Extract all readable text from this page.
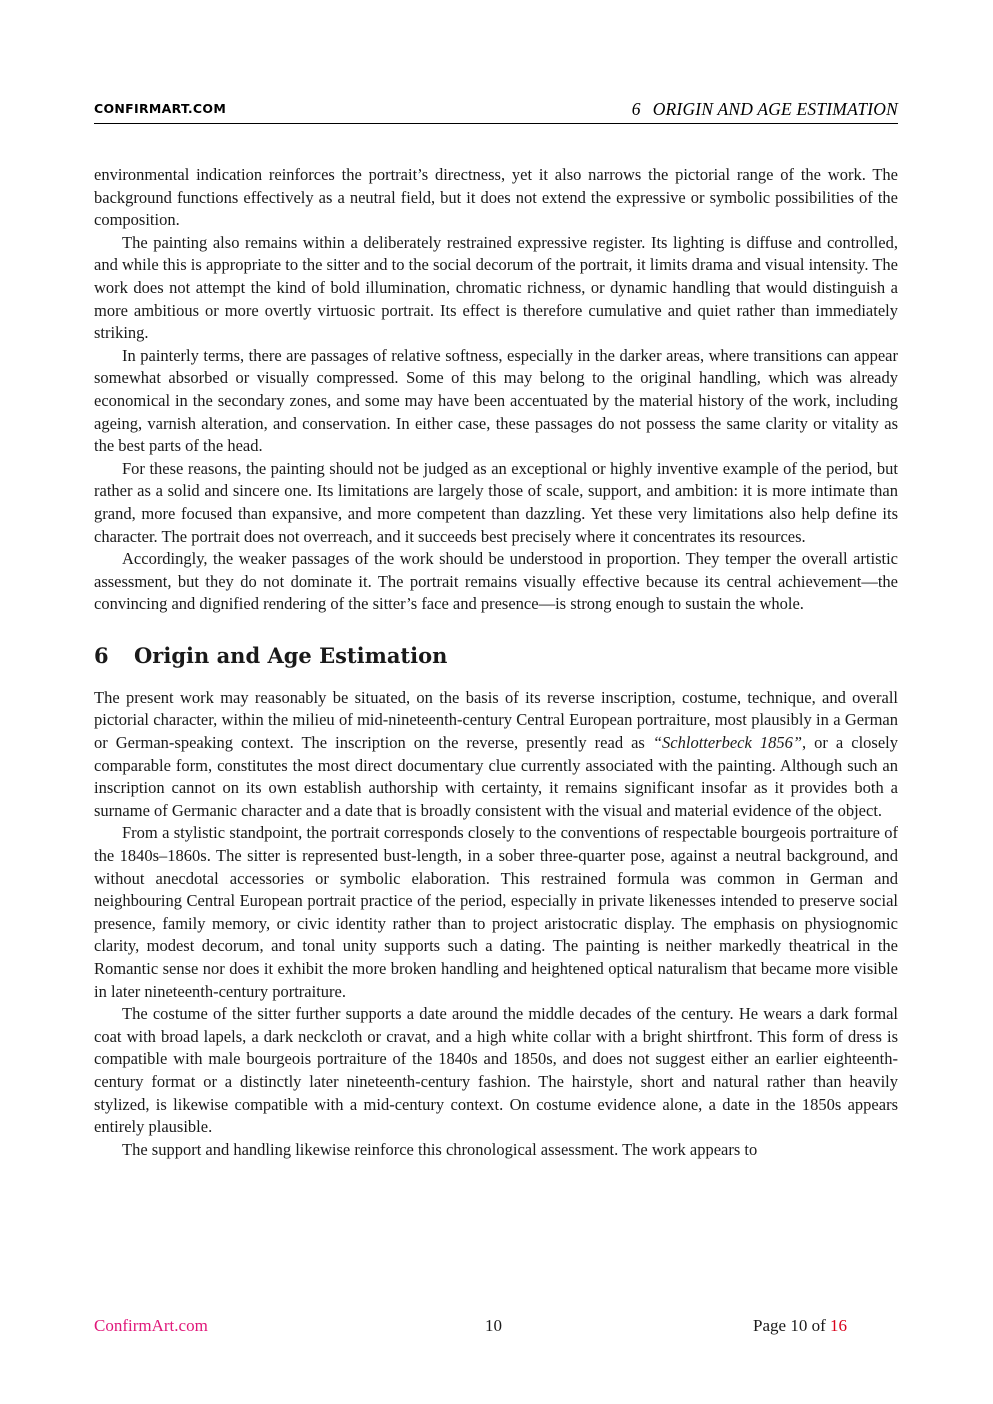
CONFIRMART.COM	6 ORIGIN AND AGE ESTIMATION

environmental indication reinforces the portrait’s directness, yet it also narrows the pictorial range of the work. The background functions effectively as a neutral field, but it does not extend the expressive or symbolic possibilities of the composition.

The painting also remains within a deliberately restrained expressive register. Its lighting is diffuse and controlled, and while this is appropriate to the sitter and to the social decorum of the portrait, it limits drama and visual intensity. The work does not attempt the kind of bold illumination, chromatic richness, or dynamic handling that would distinguish a more ambitious or more overtly virtuosic portrait. Its effect is therefore cumulative and quiet rather than immediately striking.

In painterly terms, there are passages of relative softness, especially in the darker areas, where transitions can appear somewhat absorbed or visually compressed. Some of this may belong to the original handling, which was already economical in the secondary zones, and some may have been accentuated by the material history of the work, including ageing, varnish alteration, and conservation. In either case, these passages do not possess the same clarity or vitality as the best parts of the head.

For these reasons, the painting should not be judged as an exceptional or highly inventive example of the period, but rather as a solid and sincere one. Its limitations are largely those of scale, support, and ambition: it is more intimate than grand, more focused than expansive, and more competent than dazzling. Yet these very limitations also help define its character. The portrait does not overreach, and it succeeds best precisely where it concentrates its resources.

Accordingly, the weaker passages of the work should be understood in proportion. They temper the overall artistic assessment, but they do not dominate it. The portrait remains visually effective because its central achievement—the convincing and dignified rendering of the sitter’s face and presence—is strong enough to sustain the whole.

6 Origin and Age Estimation

The present work may reasonably be situated, on the basis of its reverse inscription, costume, technique, and overall pictorial character, within the milieu of mid-nineteenth-century Central European portraiture, most plausibly in a German or German-speaking context. The inscription on the reverse, presently read as “Schlotterbeck 1856”, or a closely comparable form, constitutes the most direct documentary clue currently associated with the painting. Although such an inscription cannot on its own establish authorship with certainty, it remains significant insofar as it provides both a surname of Germanic character and a date that is broadly consistent with the visual and material evidence of the object.

From a stylistic standpoint, the portrait corresponds closely to the conventions of respectable bourgeois portraiture of the 1840s–1860s. The sitter is represented bust-length, in a sober three-quarter pose, against a neutral background, and without anecdotal accessories or symbolic elaboration. This restrained formula was common in German and neighbouring Central European portrait practice of the period, especially in private likenesses intended to preserve social presence, family memory, or civic identity rather than to project aristocratic display. The emphasis on physiognomic clarity, modest decorum, and tonal unity supports such a dating. The painting is neither markedly theatrical in the Romantic sense nor does it exhibit the more broken handling and heightened optical naturalism that became more visible in later nineteenth-century portraiture.

The costume of the sitter further supports a date around the middle decades of the century. He wears a dark formal coat with broad lapels, a dark neckcloth or cravat, and a high white collar with a bright shirtfront. This form of dress is compatible with male bourgeois portraiture of the 1840s and 1850s, and does not suggest either an earlier eighteenth-century format or a distinctly later nineteenth-century fashion. The hairstyle, short and natural rather than heavily stylized, is likewise compatible with a mid-century context. On costume evidence alone, a date in the 1850s appears entirely plausible.

The support and handling likewise reinforce this chronological assessment. The work appears to

ConfirmArt.com	10	Page 10 of 16
